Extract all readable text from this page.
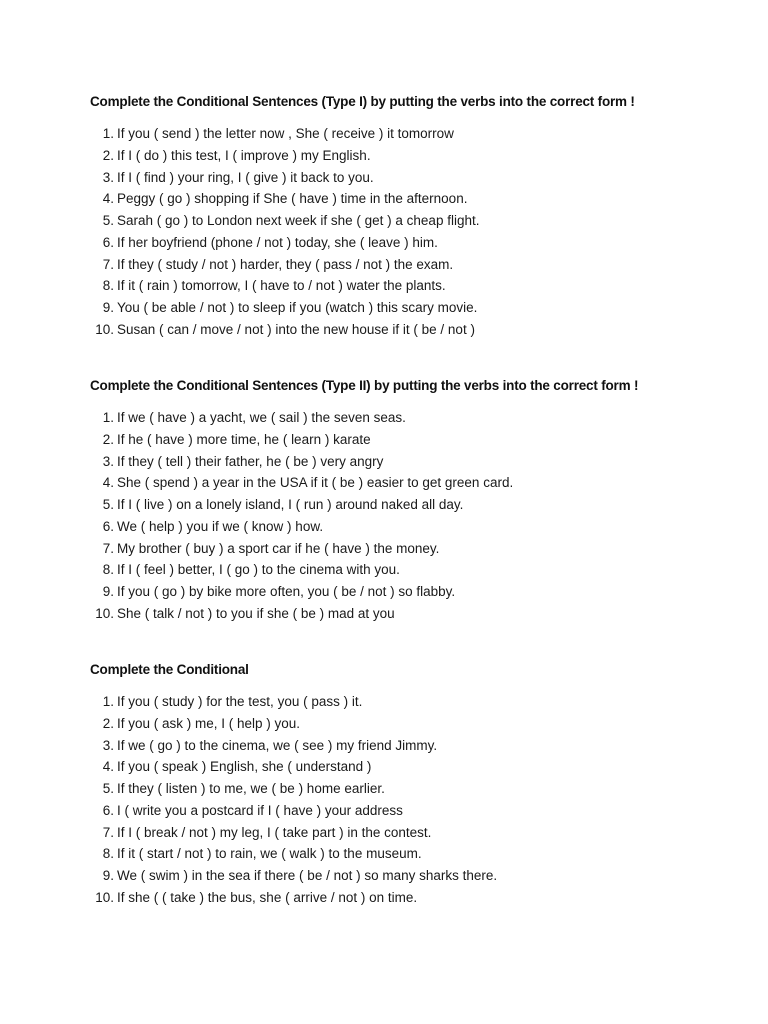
Complete the Conditional Sentences (Type I) by putting the verbs into the correct form !
1. If you ( send ) the letter now , She ( receive ) it tomorrow
2. If I ( do ) this test, I ( improve ) my English.
3. If I ( find ) your ring, I ( give ) it back to you.
4. Peggy ( go ) shopping if She ( have ) time in the afternoon.
5. Sarah ( go ) to London next week if she ( get ) a cheap flight.
6. If her boyfriend (phone / not ) today, she ( leave ) him.
7. If they ( study / not ) harder, they ( pass / not ) the exam.
8. If it ( rain ) tomorrow, I ( have to / not ) water the plants.
9. You ( be able / not ) to sleep if you (watch ) this scary movie.
10. Susan ( can / move / not ) into the new house if it ( be / not )
Complete the Conditional Sentences (Type II) by putting the verbs into the correct form !
1. If we ( have ) a yacht, we ( sail ) the seven seas.
2. If he ( have ) more time, he ( learn ) karate
3. If they ( tell ) their father, he ( be ) very angry
4. She ( spend ) a year in the USA if it ( be ) easier to get green card.
5. If I ( live ) on a lonely island, I ( run ) around naked all day.
6. We ( help ) you if we ( know ) how.
7. My brother ( buy ) a sport car if he ( have ) the money.
8. If I ( feel ) better, I ( go ) to the cinema with you.
9. If you ( go ) by bike more often, you ( be / not ) so flabby.
10. She ( talk / not ) to you if she ( be ) mad at you
Complete the Conditional
1. If you ( study ) for the test, you ( pass ) it.
2. If you ( ask ) me, I ( help ) you.
3. If we ( go ) to the cinema, we ( see ) my friend Jimmy.
4. If you ( speak ) English, she ( understand )
5. If they ( listen ) to me, we ( be ) home earlier.
6. I ( write you a postcard if I ( have ) your address
7. If I ( break / not ) my leg, I ( take part ) in the contest.
8. If it ( start / not ) to rain, we ( walk ) to the museum.
9. We ( swim ) in the sea if there ( be / not ) so many sharks there.
10. If she ( ( take ) the bus, she ( arrive / not ) on time.
